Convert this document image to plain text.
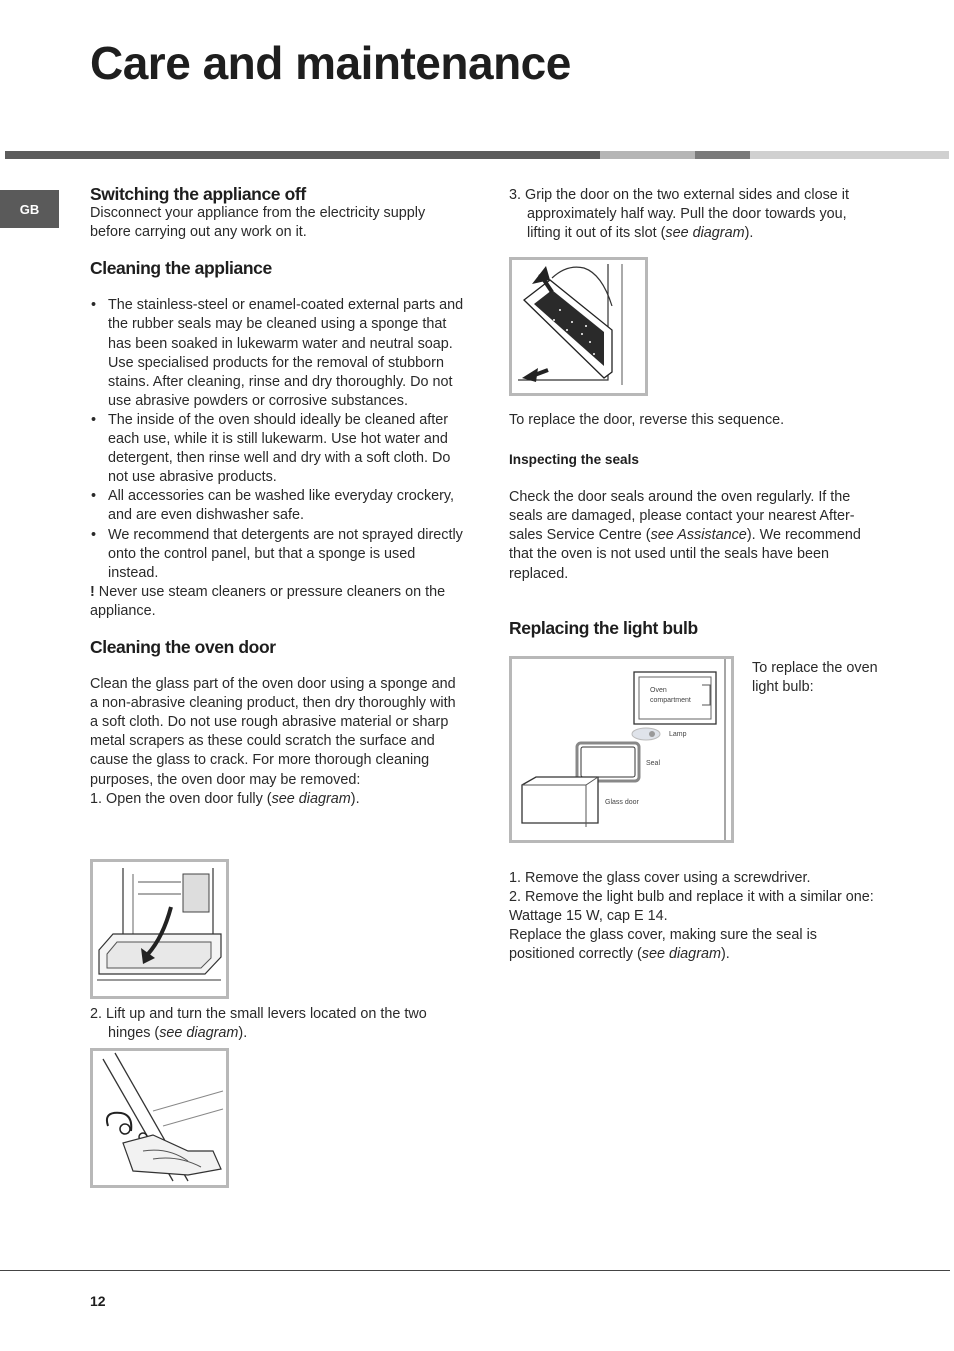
Care and maintenance
GB
Switching the appliance off

Disconnect your appliance from the electricity supply before carrying out any work on it.

Cleaning the appliance
• The stainless-steel or enamel-coated external parts and the rubber seals may be cleaned using a sponge that has been soaked in lukewarm water and neutral soap. Use specialised products for the removal of stubborn stains. After cleaning, rinse and dry thoroughly. Do not use abrasive powders or corrosive substances.
• The inside of the oven should ideally be cleaned after each use, while it is still lukewarm. Use hot water and detergent, then rinse well and dry with a soft cloth. Do not use abrasive products.
• All accessories can be washed like everyday crockery, and are even dishwasher safe.
• We recommend that detergents are not sprayed directly onto the control panel, but that a sponge is used instead.

! Never use steam cleaners or pressure cleaners on the appliance.

Cleaning the oven door

Clean the glass part of the oven door using a sponge and a non-abrasive cleaning product, then dry thoroughly with a soft cloth. Do not use rough abrasive material or sharp metal scrapers as these could scratch the surface and cause the glass to crack. For more thorough cleaning purposes, the oven door may be removed:

1. Open the oven door fully (see diagram).

2. Lift up and turn the small levers located on the two hinges (see diagram).

3. Grip the door on the two external sides and close it approximately half way. Pull the door towards you, lifting it out of its slot (see diagram).

To replace the door, reverse this sequence.

Inspecting the seals

Check the door seals around the oven regularly. If the seals are damaged, please contact your nearest After-sales Service Centre (see Assistance). We recommend that the oven is not used until the seals have been replaced.

Replacing the light bulb
Oven
compartment
Lamp
Seal
Glass door

To replace the oven light bulb:

1. Remove the glass cover using a screwdriver.

2. Remove the light bulb and replace it with a similar one: Wattage 15 W, cap E 14.

Replace the glass cover, making sure the seal is positioned correctly (see diagram).

12
